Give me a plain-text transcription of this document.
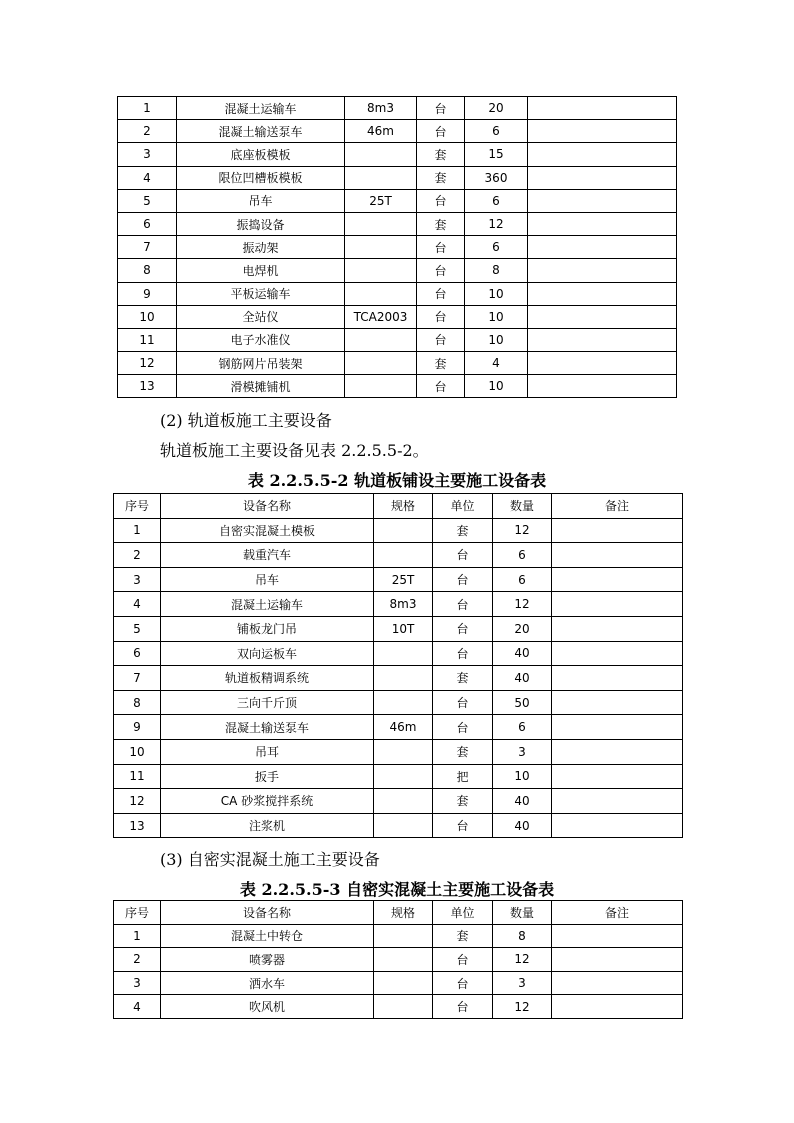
1	混凝土运输车	8m3	台	20	
2	混凝土输送泵车	46m	台	6	
3	底座板模板		套	15	
4	限位凹槽板模板		套	360	
5	吊车	25T	台	6	
6	振捣设备		套	12	
7	振动架		台	6	
8	电焊机		台	8	
9	平板运输车		台	10	
10	全站仪	TCA2003	台	10	
11	电子水准仪		台	10	
12	钢筋网片吊装架		套	4	
13	滑模摊铺机		台	10	
(2) 轨道板施工主要设备
轨道板施工主要设备见表 2.2.5.5-2。
表 2.2.5.5-2 轨道板铺设主要施工设备表
序号	设备名称	规格	单位	数量	备注
1	自密实混凝土模板		套	12	
2	载重汽车		台	6	
3	吊车	25T	台	6	
4	混凝土运输车	8m3	台	12	
5	铺板龙门吊	10T	台	20	
6	双向运板车		台	40	
7	轨道板精调系统		套	40	
8	三向千斤顶		台	50	
9	混凝土输送泵车	46m	台	6	
10	吊耳		套	3	
11	扳手		把	10	
12	CA 砂浆搅拌系统		套	40	
13	注浆机		台	40	
(3) 自密实混凝土施工主要设备
表 2.2.5.5-3 自密实混凝土主要施工设备表
序号	设备名称	规格	单位	数量	备注
1	混凝土中转仓		套	8	
2	喷雾器		台	12	
3	洒水车		台	3	
4	吹风机		台	12	
